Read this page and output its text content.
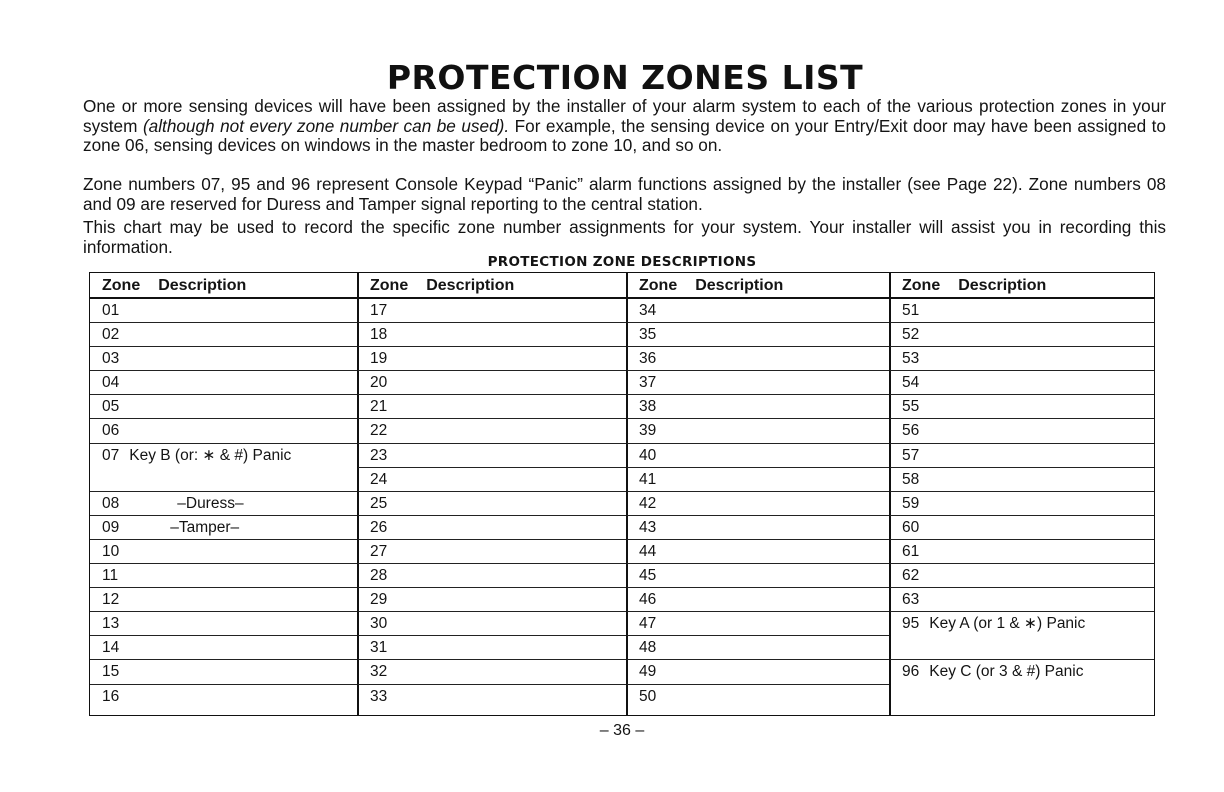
PROTECTION ZONES LIST

One or more sensing devices will have been assigned by the installer of your alarm system to each of the various protection zones in your system (although not every zone number can be used). For example, the sensing device on your Entry/Exit door may have been assigned to zone 06, sensing devices on windows in the master bedroom to zone 10, and so on.

Zone numbers 07, 95 and 96 represent Console Keypad “Panic” alarm functions assigned by the installer (see Page 22). Zone numbers 08 and 09 are reserved for Duress and Tamper signal reporting to the central station.

This chart may be used to record the specific zone number assignments for your system. Your installer will assist you in recording this information.

PROTECTION ZONE DESCRIPTIONS
Zone Description
01
02
03
04
05
06
07 Key B (or: ∗ & #) Panic
08	–Duress–
09	–Tamper–
10
11
12
13
14
15
16
Zone Description
17
18
19
20
21
22
23
24
25
26
27
28
29
30
31
32
33
Zone Description
34
35
36
37
38
39
40
41
42
43
44
45
46
47
48
49
50
Zone Description
51
52
53
54
55
56
57
58
59
60
61
62
63
95 Key A (or 1 & ∗) Panic
96 Key C (or 3 & #) Panic
– 36 –
